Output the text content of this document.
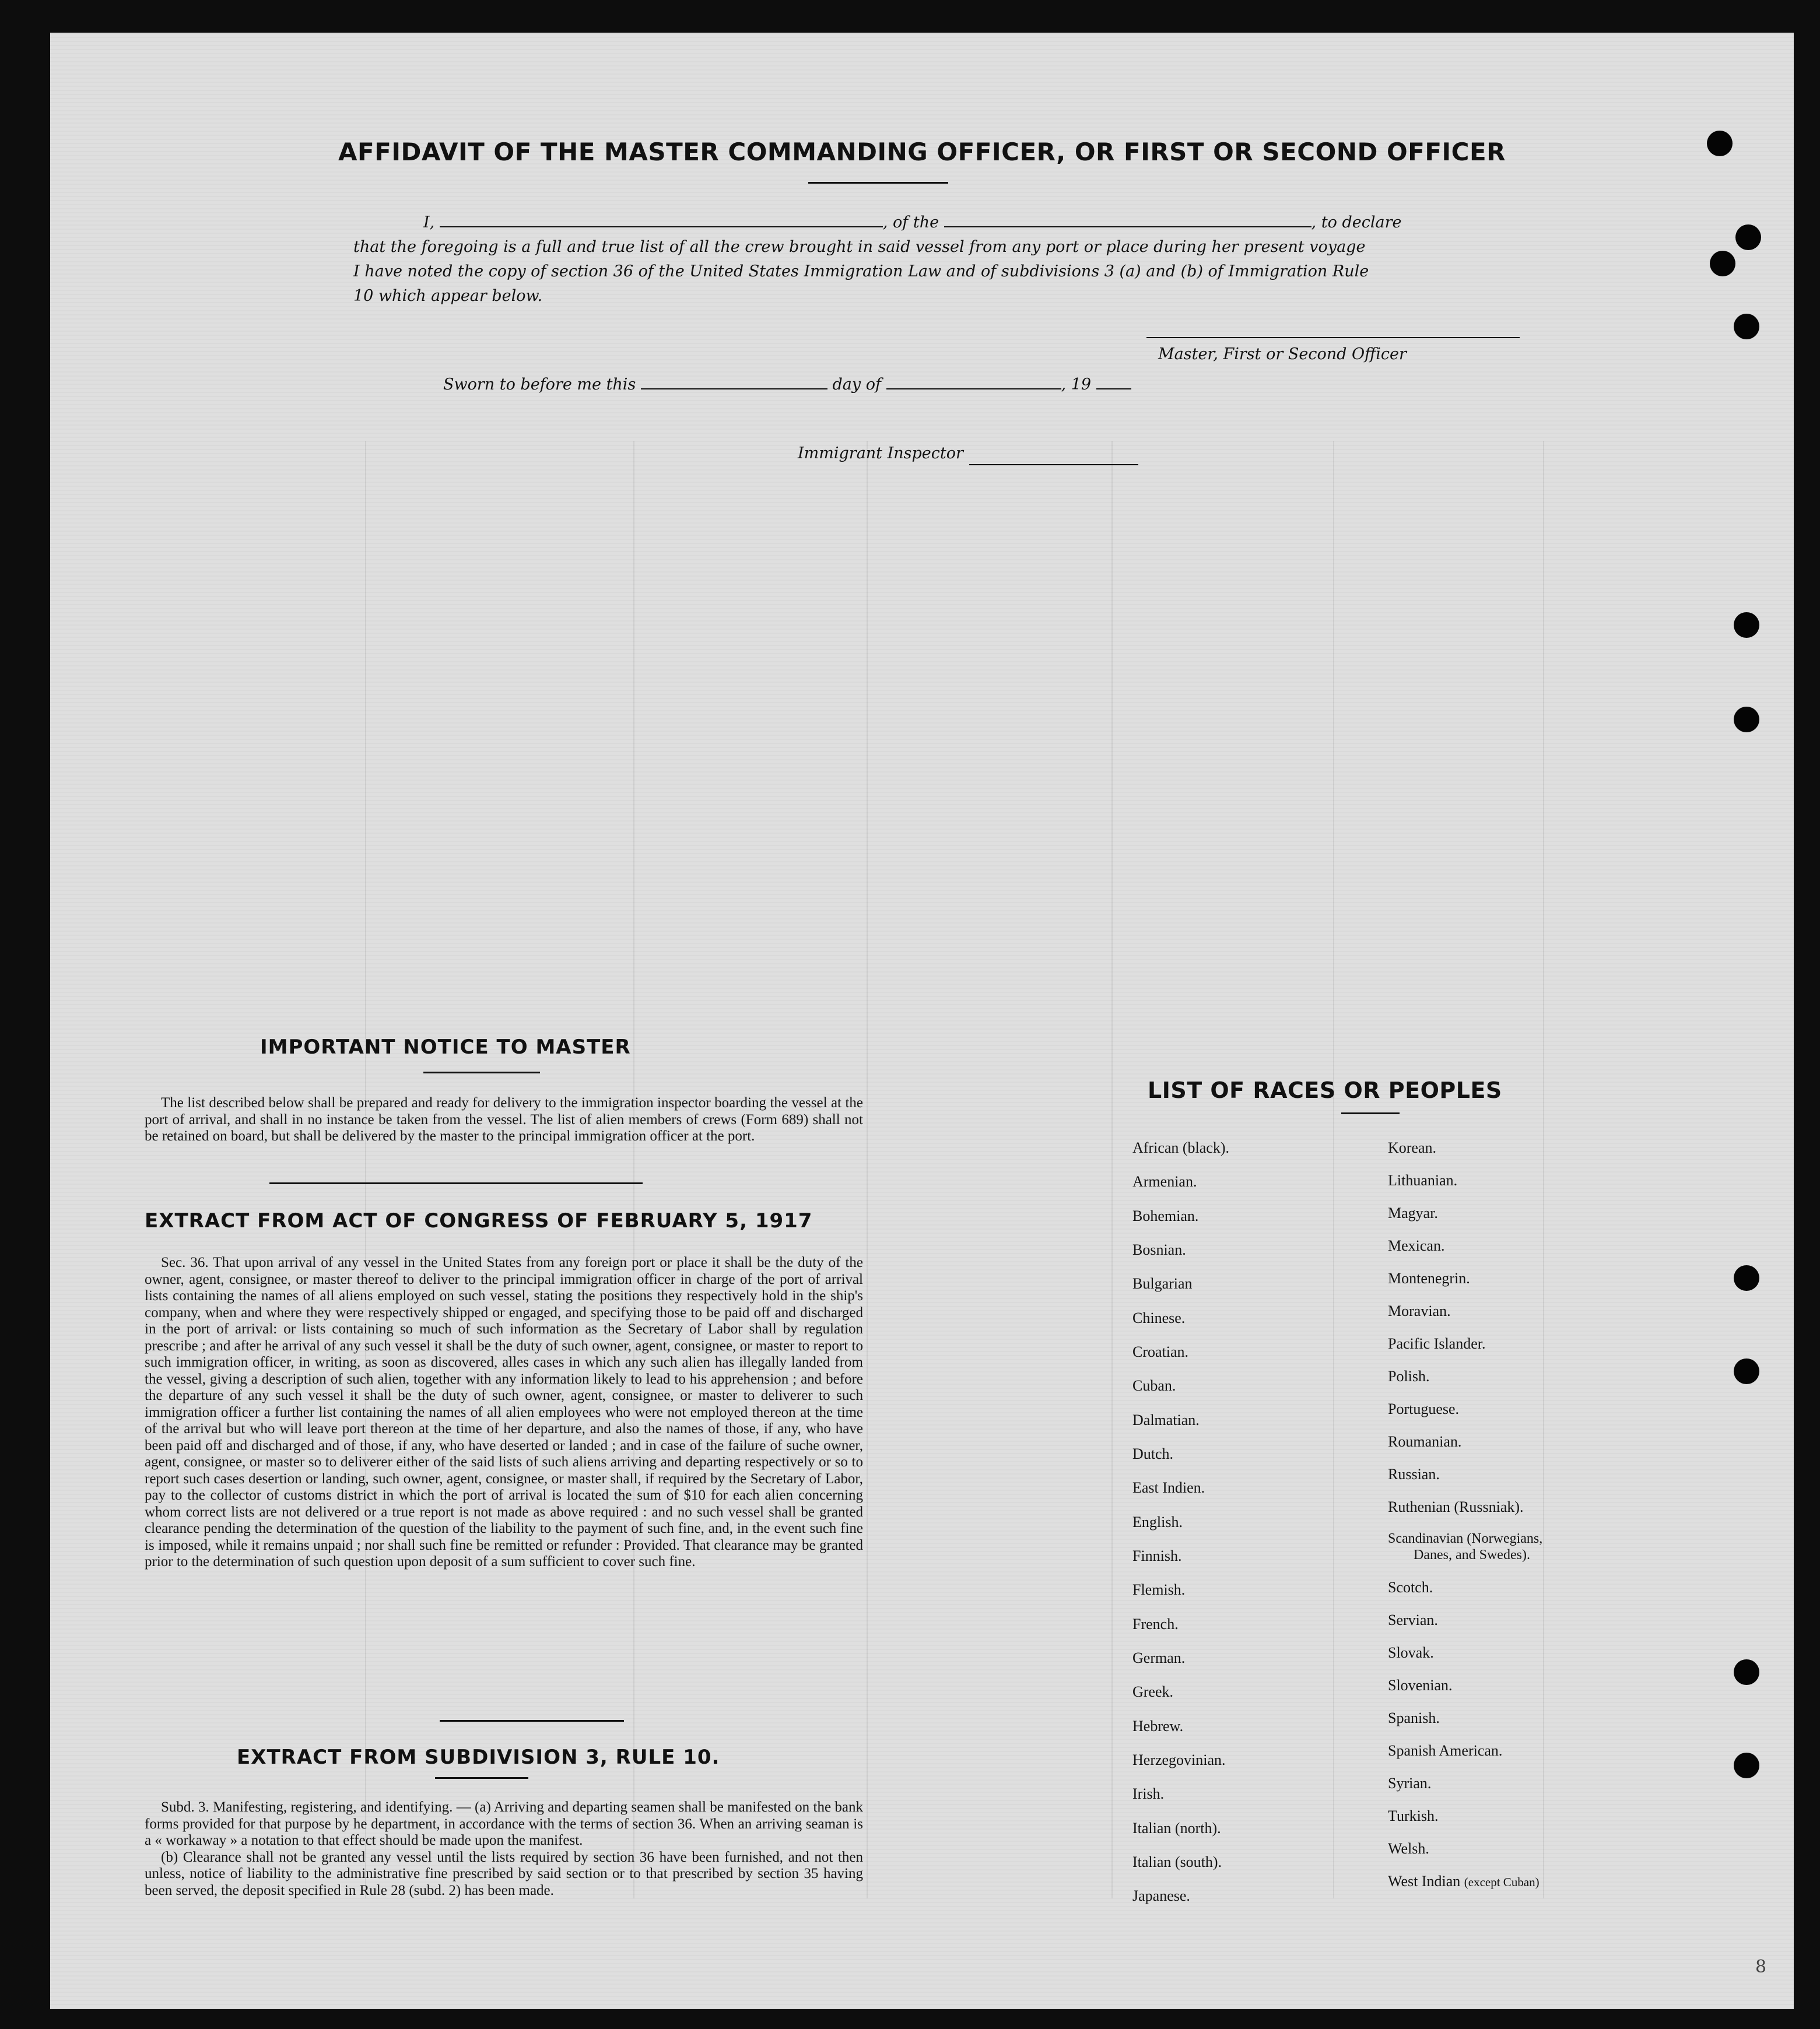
AFFIDAVIT OF THE MASTER COMMANDING OFFICER, OR FIRST OR SECOND OFFICER
I,	, of the	, to declare
that the foregoing is a full and true list of all the crew brought in said vessel from any port or place during her present voyage
I have noted the copy of section 36 of the United States Immigration Law and of subdivisions 3 (a) and (b) of Immigration Rule
10 which appear below.
Master, First or Second Officer
Sworn to before me this	day of	, 19
Immigrant Inspector
IMPORTANT NOTICE TO MASTER

The list described below shall be prepared and ready for delivery to the immigration inspector boarding the vessel at the port of arrival, and shall in no instance be taken from the vessel. The list of alien members of crews (Form 689) shall not be retained on board, but shall be delivered by the master to the principal immigration officer at the port.

EXTRACT FROM ACT OF CONGRESS OF FEBRUARY 5, 1917

Sec. 36. That upon arrival of any vessel in the United States from any foreign port or place it shall be the duty of the owner, agent, consignee, or master thereof to deliver to the principal immigration officer in charge of the port of arrival lists containing the names of all aliens employed on such vessel, stating the positions they respectively hold in the ship's company, when and where they were respectively shipped or engaged, and specifying those to be paid off and discharged in the port of arrival: or lists containing so much of such information as the Secretary of Labor shall by regulation prescribe ; and after he arrival of any such vessel it shall be the duty of such owner, agent, consignee, or master to report to such immigration officer, in writing, as soon as discovered, alles cases in which any such alien has illegally landed from the vessel, giving a description of such alien, together with any information likely to lead to his apprehension ; and before the departure of any such vessel it shall be the duty of such owner, agent, consignee, or master to deliverer to such immigration officer a further list containing the names of all alien employees who were not employed thereon at the time of the arrival but who will leave port thereon at the time of her departure, and also the names of those, if any, who have been paid off and discharged and of those, if any, who have deserted or landed ; and in case of the failure of suche owner, agent, consignee, or master so to deliverer either of the said lists of such aliens arriving and departing respectively or so to report such cases desertion or landing, such owner, agent, consignee, or master shall, if required by the Secretary of Labor, pay to the collector of customs district in which the port of arrival is located the sum of $10 for each alien concerning whom correct lists are not delivered or a true report is not made as above required : and no such vessel shall be granted clearance pending the determination of the question of the liability to the payment of such fine, and, in the event such fine is imposed, while it remains unpaid ; nor shall such fine be remitted or refunder : Provided. That clearance may be granted prior to the determination of such question upon deposit of a sum sufficient to cover such fine.

EXTRACT FROM SUBDIVISION 3, RULE 10.

Subd. 3. Manifesting, registering, and identifying. — (a) Arriving and departing seamen shall be manifested on the bank forms provided for that purpose by he department, in accordance with the terms of section 36. When an arriving seaman is a « workaway » a notation to that effect should be made upon the manifest.

(b) Clearance shall not be granted any vessel until the lists required by section 36 have been furnished, and not then unless, notice of liability to the administrative fine prescribed by said section or to that prescribed by section 35 having been served, the deposit specified in Rule 28 (subd. 2) has been made.

LIST OF RACES OR PEOPLES
African (black).
Armenian.
Bohemian.
Bosnian.
Bulgarian
Chinese.
Croatian.
Cuban.
Dalmatian.
Dutch.
East Indien.
English.
Finnish.
Flemish.
French.
German.
Greek.
Hebrew.
Herzegovinian.
Irish.
Italian (north).
Italian (south).
Japanese.
Korean.
Lithuanian.
Magyar.
Mexican.
Montenegrin.
Moravian.
Pacific Islander.
Polish.
Portuguese.
Roumanian.
Russian.
Ruthenian (Russniak).
Scandinavian (Norwegians,
Danes, and Swedes).
Scotch.
Servian.
Slovak.
Slovenian.
Spanish.
Spanish American.
Syrian.
Turkish.
Welsh.
West Indian (except Cuban)
8
